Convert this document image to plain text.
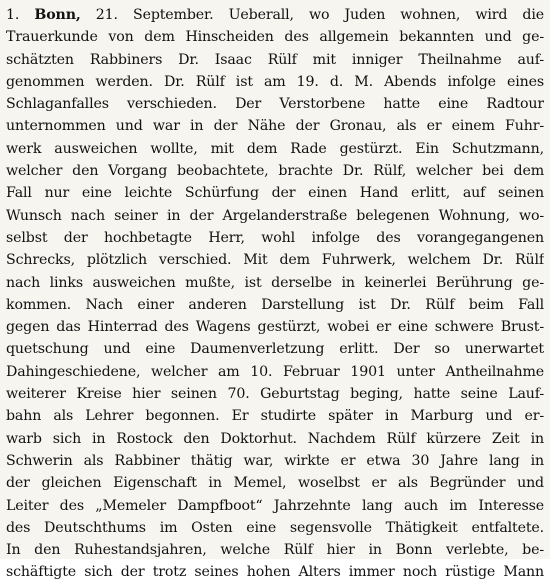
1. Bonn, 21. September. Ueberall, wo Juden wohnen, wird die
Trauerkunde von dem Hinscheiden des allgemein bekannten und ge-
schätzten Rabbiners Dr. Isaac Rülf mit inniger Theilnahme auf-
genommen werden. Dr. Rülf ist am 19. d. M. Abends infolge eines
Schlaganfalles verschieden. Der Verstorbene hatte eine Radtour
unternommen und war in der Nähe der Gronau, als er einem Fuhr-
werk ausweichen wollte, mit dem Rade gestürzt. Ein Schutzmann,
welcher den Vorgang beobachtete, brachte Dr. Rülf, welcher bei dem
Fall nur eine leichte Schürfung der einen Hand erlitt, auf seinen
Wunsch nach seiner in der Argelanderstraße belegenen Wohnung, wo-
selbst der hochbetagte Herr, wohl infolge des vorangegangenen
Schrecks, plötzlich verschied. Mit dem Fuhrwerk, welchem Dr. Rülf
nach links ausweichen mußte, ist derselbe in keinerlei Berührung ge-
kommen. Nach einer anderen Darstellung ist Dr. Rülf beim Fall
gegen das Hinterrad des Wagens gestürzt, wobei er eine schwere Brust-
quetschung und eine Daumenverletzung erlitt. Der so unerwartet
Dahingeschiedene, welcher am 10. Februar 1901 unter Antheilnahme
weiterer Kreise hier seinen 70. Geburtstag beging, hatte seine Lauf-
bahn als Lehrer begonnen. Er studirte später in Marburg und er-
warb sich in Rostock den Doktorhut. Nachdem Rülf kürzere Zeit in
Schwerin als Rabbiner thätig war, wirkte er etwa 30 Jahre lang in
der gleichen Eigenschaft in Memel, woselbst er als Begründer und
Leiter des „Memeler Dampfboot“ Jahrzehnte lang auch im Interesse
des Deutschthums im Osten eine segensvolle Thätigkeit entfaltete.
In den Ruhestandsjahren, welche Rülf hier in Bonn verlebte, be-
schäftigte sich der trotz seines hohen Alters immer noch rüstige Mann
